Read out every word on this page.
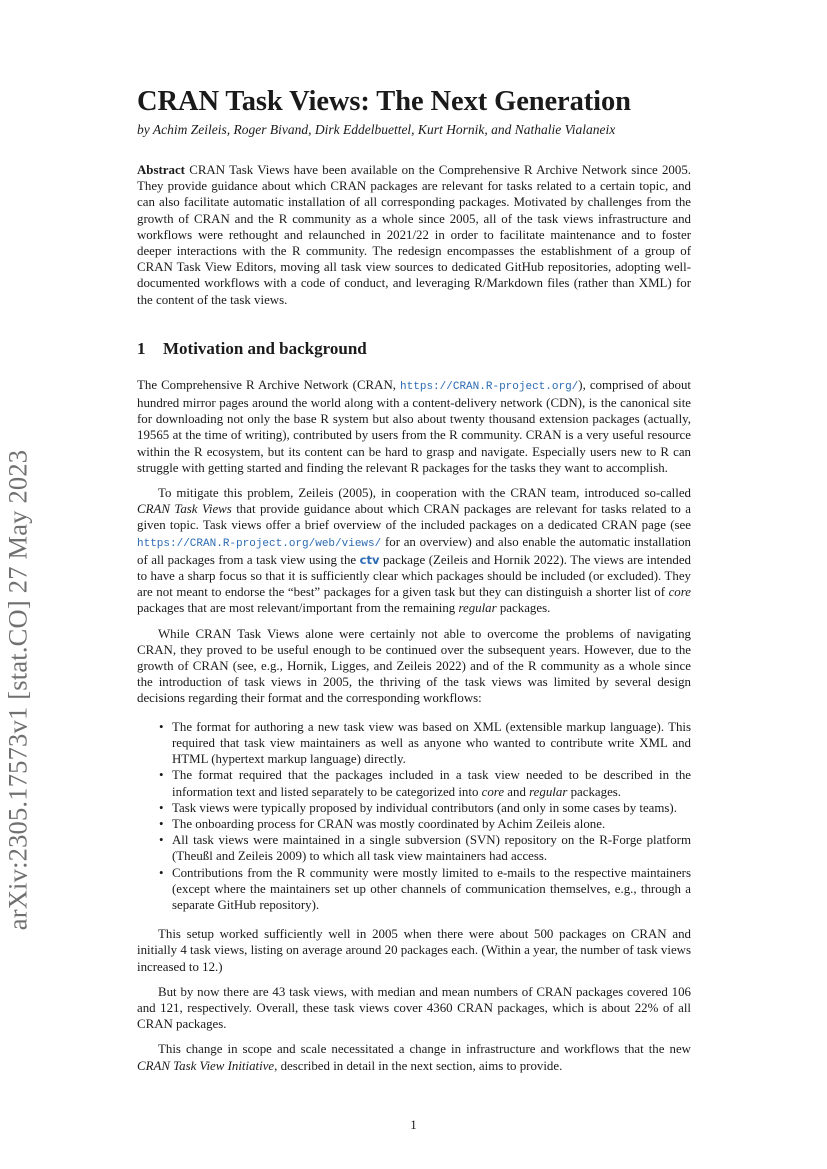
arXiv:2305.17573v1 [stat.CO] 27 May 2023
CRAN Task Views: The Next Generation
by Achim Zeileis, Roger Bivand, Dirk Eddelbuettel, Kurt Hornik, and Nathalie Vialaneix
Abstract CRAN Task Views have been available on the Comprehensive R Archive Network since 2005. They provide guidance about which CRAN packages are relevant for tasks related to a certain topic, and can also facilitate automatic installation of all corresponding packages. Motivated by challenges from the growth of CRAN and the R community as a whole since 2005, all of the task views infrastructure and workflows were rethought and relaunched in 2021/22 in order to facilitate maintenance and to foster deeper interactions with the R community. The redesign encompasses the establishment of a group of CRAN Task View Editors, moving all task view sources to dedicated GitHub repositories, adopting well-documented workflows with a code of conduct, and leveraging R/Markdown files (rather than XML) for the content of the task views.
1 Motivation and background

The Comprehensive R Archive Network (CRAN, https://CRAN.R-project.org/), comprised of about hundred mirror pages around the world along with a content-delivery network (CDN), is the canonical site for downloading not only the base R system but also about twenty thousand extension packages (actually, 19565 at the time of writing), contributed by users from the R community. CRAN is a very useful resource within the R ecosystem, but its content can be hard to grasp and navigate. Especially users new to R can struggle with getting started and finding the relevant R packages for the tasks they want to accomplish.

To mitigate this problem, Zeileis (2005), in cooperation with the CRAN team, introduced so-called CRAN Task Views that provide guidance about which CRAN packages are relevant for tasks related to a given topic. Task views offer a brief overview of the included packages on a dedicated CRAN page (see https://CRAN.R-project.org/web/views/ for an overview) and also enable the automatic installation of all packages from a task view using the ctv package (Zeileis and Hornik 2022). The views are intended to have a sharp focus so that it is sufficiently clear which packages should be included (or excluded). They are not meant to endorse the “best” packages for a given task but they can distinguish a shorter list of core packages that are most relevant/important from the remaining regular packages.

While CRAN Task Views alone were certainly not able to overcome the problems of navigating CRAN, they proved to be useful enough to be continued over the subsequent years. However, due to the growth of CRAN (see, e.g., Hornik, Ligges, and Zeileis 2022) and of the R community as a whole since the introduction of task views in 2005, the thriving of the task views was limited by several design decisions regarding their format and the corresponding workflows:

• The format for authoring a new task view was based on XML (extensible markup language). This required that task view maintainers as well as anyone who wanted to contribute write XML and HTML (hypertext markup language) directly.
• The format required that the packages included in a task view needed to be described in the information text and listed separately to be categorized into core and regular packages.
• Task views were typically proposed by individual contributors (and only in some cases by teams).
• The onboarding process for CRAN was mostly coordinated by Achim Zeileis alone.
• All task views were maintained in a single subversion (SVN) repository on the R-Forge platform (Theußl and Zeileis 2009) to which all task view maintainers had access.
• Contributions from the R community were mostly limited to e-mails to the respective maintainers (except where the maintainers set up other channels of communication themselves, e.g., through a separate GitHub repository).

This setup worked sufficiently well in 2005 when there were about 500 packages on CRAN and initially 4 task views, listing on average around 20 packages each. (Within a year, the number of task views increased to 12.)

But by now there are 43 task views, with median and mean numbers of CRAN packages covered 106 and 121, respectively. Overall, these task views cover 4360 CRAN packages, which is about 22% of all CRAN packages.

This change in scope and scale necessitated a change in infrastructure and workflows that the new CRAN Task View Initiative, described in detail in the next section, aims to provide.

1
